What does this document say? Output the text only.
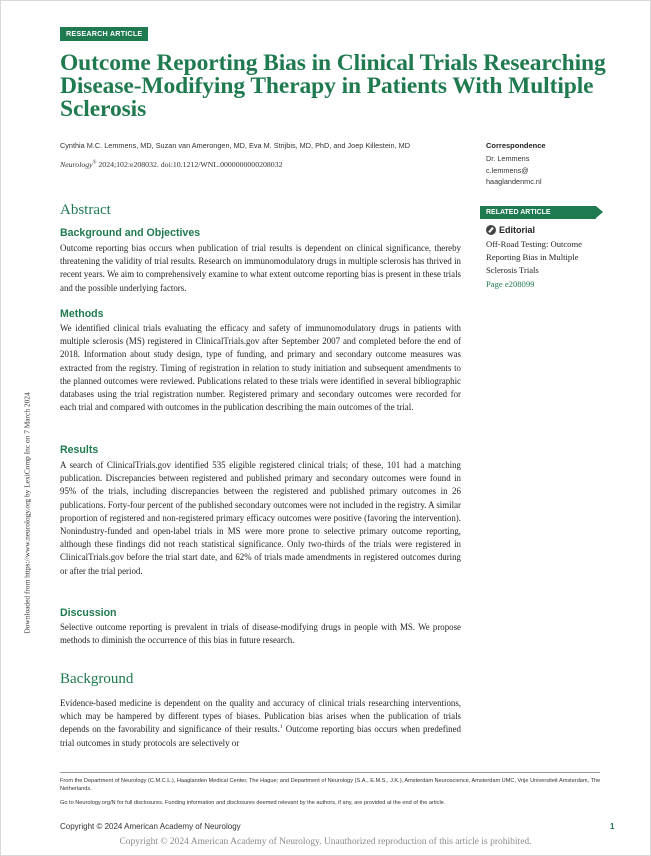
RESEARCH ARTICLE
Outcome Reporting Bias in Clinical Trials Researching Disease-Modifying Therapy in Patients With Multiple Sclerosis
Cynthia M.C. Lemmens, MD, Suzan van Amerongen, MD, Eva M. Strijbis, MD, PhD, and Joep Killestein, MD
Neurology® 2024;102:e208032. doi:10.1212/WNL.0000000000208032
Correspondence
Dr. Lemmens
c.lemmens@
haaglandenmc.nl
RELATED ARTICLE
Editorial
Off-Road Testing: Outcome Reporting Bias in Multiple Sclerosis Trials
Page e208099
Abstract
Background and Objectives

Outcome reporting bias occurs when publication of trial results is dependent on clinical significance, thereby threatening the validity of trial results. Research on immunomodulatory drugs in multiple sclerosis has thrived in recent years. We aim to comprehensively examine to what extent outcome reporting bias is present in these trials and the possible underlying factors.

Methods

We identified clinical trials evaluating the efficacy and safety of immunomodulatory drugs in patients with multiple sclerosis (MS) registered in ClinicalTrials.gov after September 2007 and completed before the end of 2018. Information about study design, type of funding, and primary and secondary outcome measures was extracted from the registry. Timing of registration in relation to study initiation and subsequent amendments to the planned outcomes were reviewed. Publications related to these trials were identified in several bibliographic databases using the trial registration number. Registered primary and secondary outcomes were recorded for each trial and compared with outcomes in the publication describing the main outcomes of the trial.

Results

A search of ClinicalTrials.gov identified 535 eligible registered clinical trials; of these, 101 had a matching publication. Discrepancies between registered and published primary and secondary outcomes were found in 95% of the trials, including discrepancies between the registered and published primary outcomes in 26 publications. Forty-four percent of the published secondary outcomes were not included in the registry. A similar proportion of registered and non-registered primary efficacy outcomes were positive (favoring the intervention). Nonindustry-funded and open-label trials in MS were more prone to selective primary outcome reporting, although these findings did not reach statistical significance. Only two-thirds of the trials were registered in ClinicalTrials.gov before the trial start date, and 62% of trials made amendments in registered outcomes during or after the trial period.

Discussion

Selective outcome reporting is prevalent in trials of disease-modifying drugs in people with MS. We propose methods to diminish the occurrence of this bias in future research.

Background

Evidence-based medicine is dependent on the quality and accuracy of clinical trials researching interventions, which may be hampered by different types of biases. Publication bias arises when the publication of trials depends on the favorability and significance of their results.$^1$ Outcome reporting bias occurs when predefined trial outcomes in study protocols are selectively or

From the Department of Neurology (C.M.C.L.), Haaglanden Medical Center, The Hague; and Department of Neurology (S.A., E.M.S., J.K.), Amsterdam Neuroscience, Amsterdam UMC, Vrije Universiteit Amsterdam, The Netherlands.
Go to Neurology.org/N for full disclosures. Funding information and disclosures deemed relevant by the authors, if any, are provided at the end of the article.
Copyright © 2024 American Academy of Neurology	1
Copyright © 2024 American Academy of Neurology. Unauthorized reproduction of this article is prohibited.
Downloaded from https://www.neurology.org by LexiComp Inc on 7 March 2024
